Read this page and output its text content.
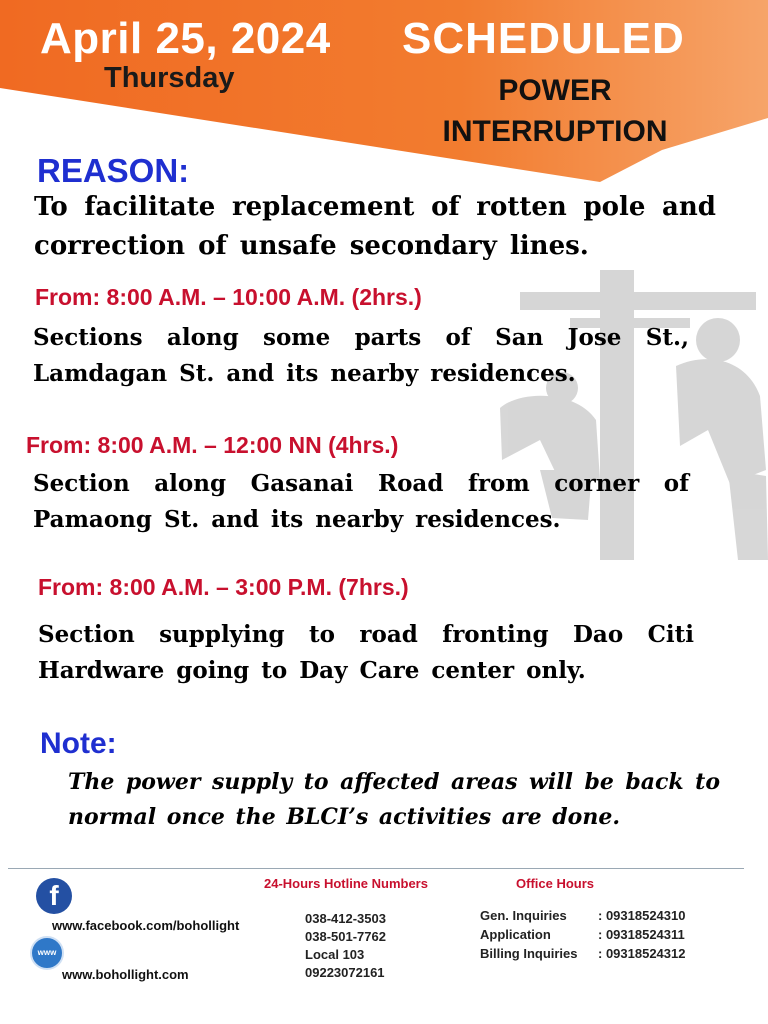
April 25, 2024
Thursday
SCHEDULED
POWER
INTERRUPTION
REASON:
To facilitate replacement of rotten pole and correction of unsafe secondary lines.
From: 8:00 A.M. – 10:00 A.M. (2hrs.)
Sections along some parts of San Jose St., Lamdagan St. and its nearby residences.
From: 8:00 A.M. – 12:00 NN (4hrs.)
Section along Gasanai Road from corner of Pamaong St. and its nearby residences.
From: 8:00 A.M. – 3:00 P.M. (7hrs.)
Section supplying to road fronting Dao Citi Hardware going to Day Care center only.
Note:
The power supply to affected areas will be back to normal once the BLCI’s activities are done.
24-Hours Hotline Numbers	Office Hours
f
www.facebook.com/bohollight
www
www.bohollight.com
038-412-3503
038-501-7762
Local 103
09223072161
Gen. Inquiries	: 09318524310
Application	: 09318524311
Billing Inquiries	: 09318524312
